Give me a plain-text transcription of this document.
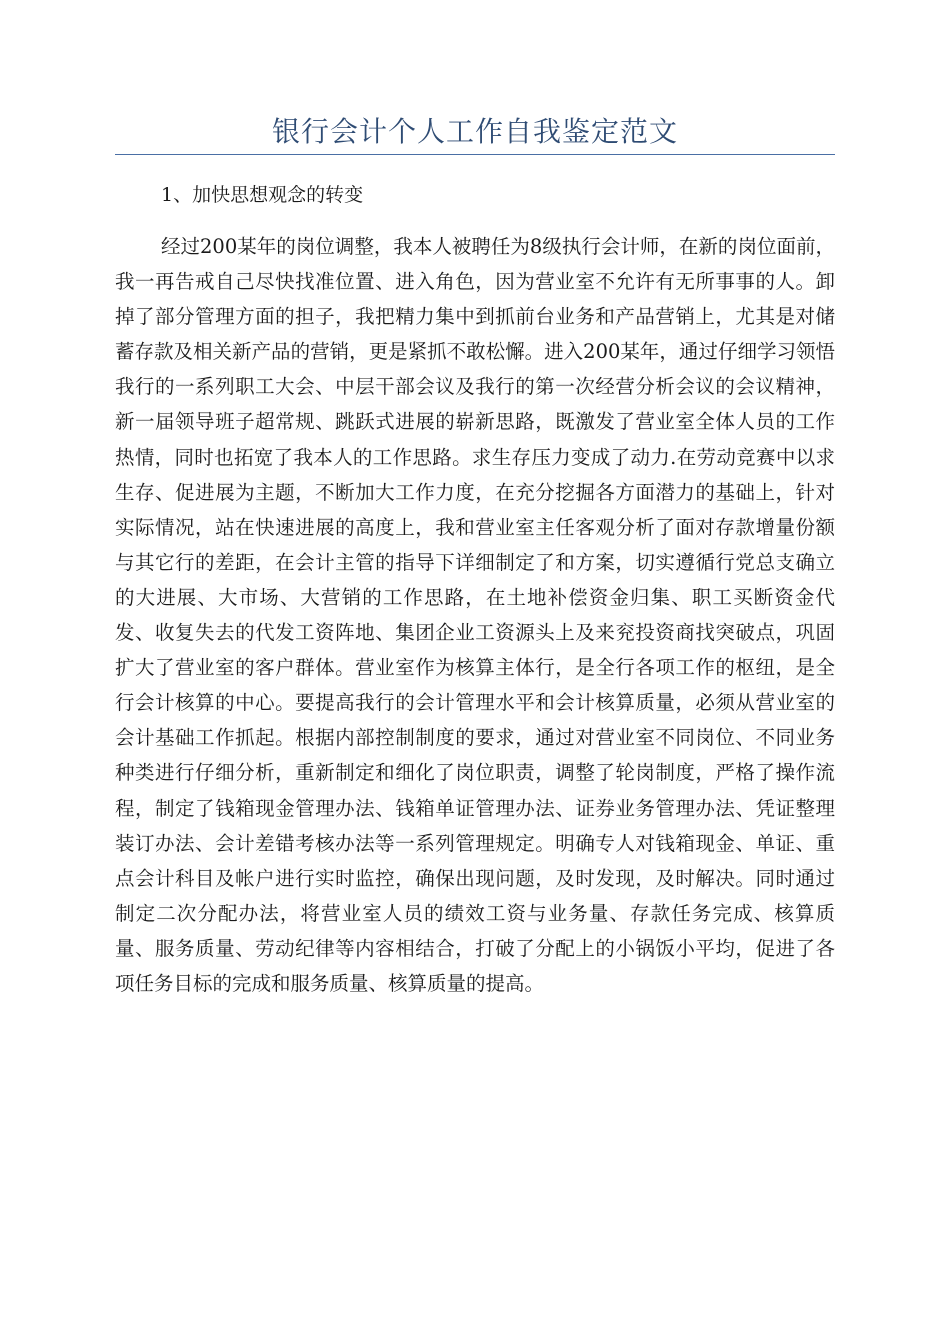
银行会计个人工作自我鉴定范文
1、加快思想观念的转变

经过200某年的岗位调整，我本人被聘任为8级执行会计师，在新的岗位面前，我一再告戒自己尽快找准位置、进入角色，因为营业室不允许有无所事事的人。卸掉了部分管理方面的担子，我把精力集中到抓前台业务和产品营销上，尤其是对储蓄存款及相关新产品的营销，更是紧抓不敢松懈。进入200某年，通过仔细学习领悟我行的一系列职工大会、中层干部会议及我行的第一次经营分析会议的会议精神，新一届领导班子超常规、跳跃式进展的崭新思路，既激发了营业室全体人员的工作热情，同时也拓宽了我本人的工作思路。求生存压力变成了动力.在劳动竞赛中以求生存、促进展为主题，不断加大工作力度，在充分挖掘各方面潜力的基础上，针对实际情况，站在快速进展的高度上，我和营业室主任客观分析了面对存款增量份额与其它行的差距，在会计主管的指导下详细制定了和方案，切实遵循行党总支确立的大进展、大市场、大营销的工作思路，在土地补偿资金归集、职工买断资金代发、收复失去的代发工资阵地、集团企业工资源头上及来兖投资商找突破点，巩固扩大了营业室的客户群体。营业室作为核算主体行，是全行各项工作的枢纽，是全行会计核算的中心。要提高我行的会计管理水平和会计核算质量，必须从营业室的会计基础工作抓起。根据内部控制制度的要求，通过对营业室不同岗位、不同业务种类进行仔细分析，重新制定和细化了岗位职责，调整了轮岗制度，严格了操作流程，制定了钱箱现金管理办法、钱箱单证管理办法、证券业务管理办法、凭证整理装订办法、会计差错考核办法等一系列管理规定。明确专人对钱箱现金、单证、重点会计科目及帐户进行实时监控，确保出现问题，及时发现，及时解决。同时通过制定二次分配办法，将营业室人员的绩效工资与业务量、存款任务完成、核算质量、服务质量、劳动纪律等内容相结合，打破了分配上的小锅饭小平均，促进了各项任务目标的完成和服务质量、核算质量的提高。
